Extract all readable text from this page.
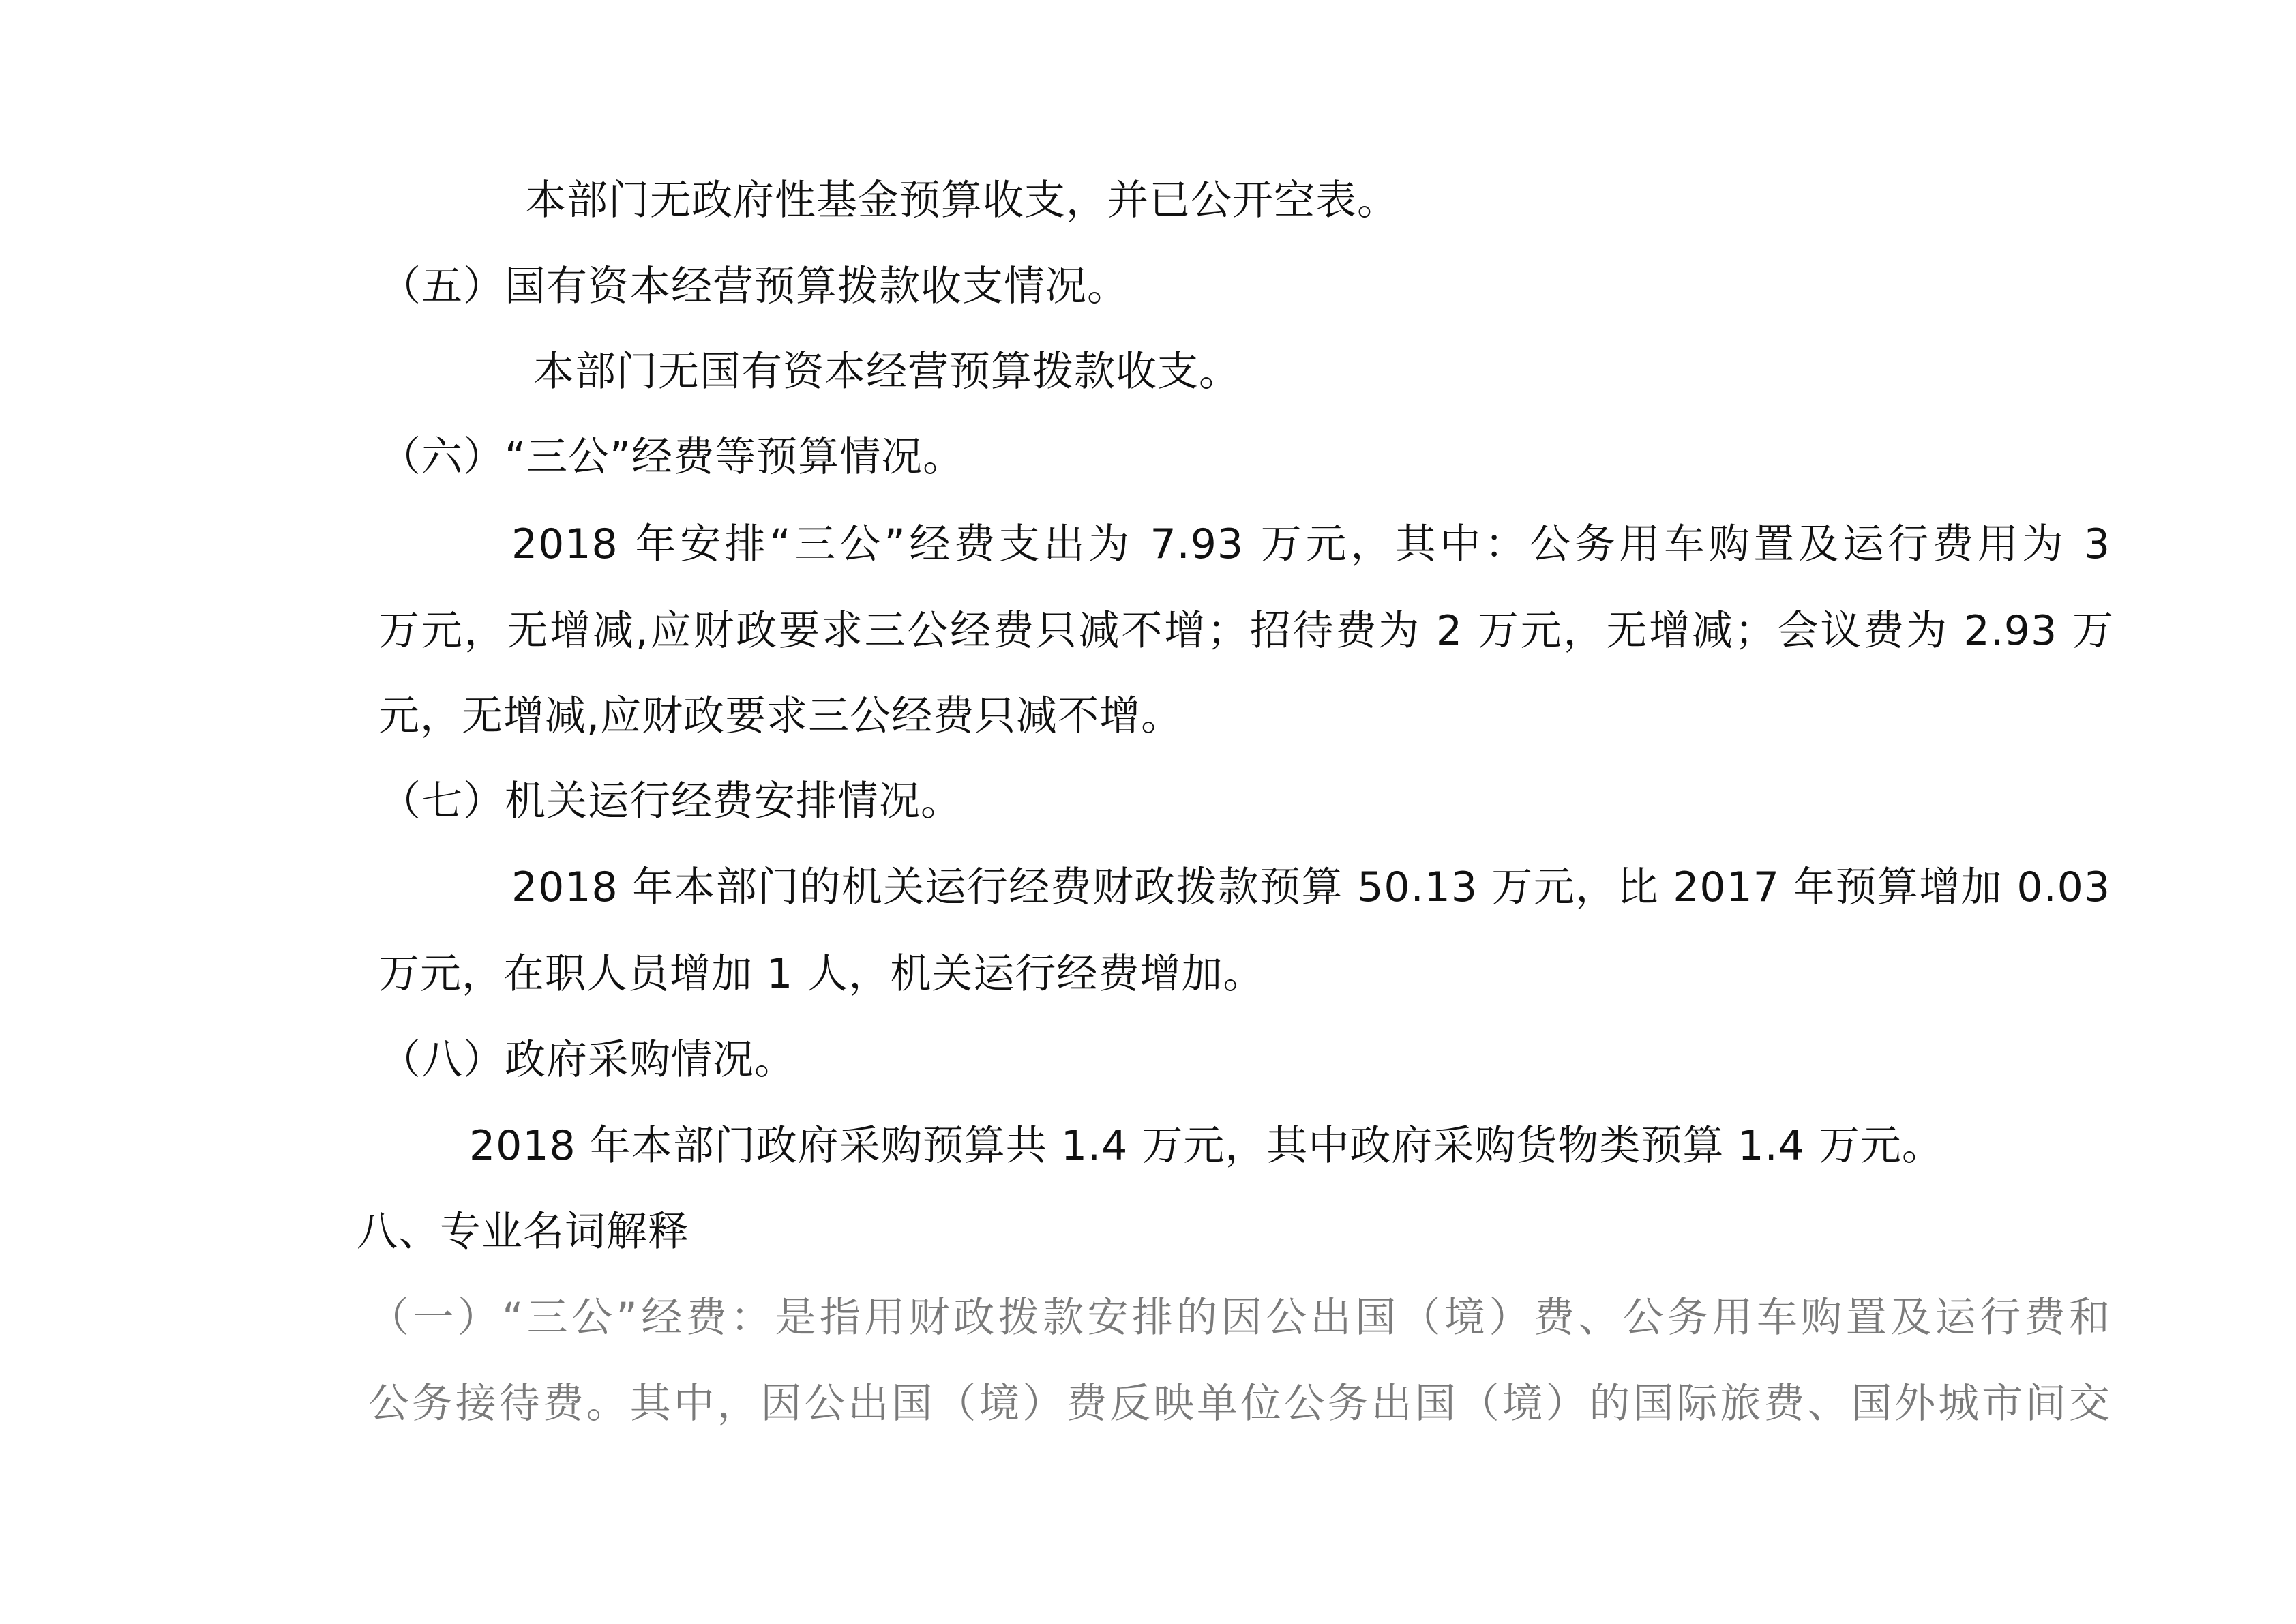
本部门无政府性基金预算收支，并已公开空表。
（五）国有资本经营预算拨款收支情况。
本部门无国有资本经营预算拨款收支。
（六）“三公”经费等预算情况。
2018 年安排“三公”经费支出为 7.93 万元，其中：公务用车购置及运行费用为 3
万元，无增减,应财政要求三公经费只减不增；招待费为 2 万元，无增减；会议费为 2.93 万
元，无增减,应财政要求三公经费只减不增。
（七）机关运行经费安排情况。
2018 年本部门的机关运行经费财政拨款预算 50.13 万元，比 2017 年预算增加 0.03
万元，在职人员增加 1 人，机关运行经费增加。
（八）政府采购情况。
2018 年本部门政府采购预算共 1.4 万元，其中政府采购货物类预算 1.4 万元。
八、专业名词解释
（一）“三公”经费：是指用财政拨款安排的因公出国（境）费、公务用车购置及运行费和
公务接待费。其中，因公出国（境）费反映单位公务出国（境）的国际旅费、国外城市间交
